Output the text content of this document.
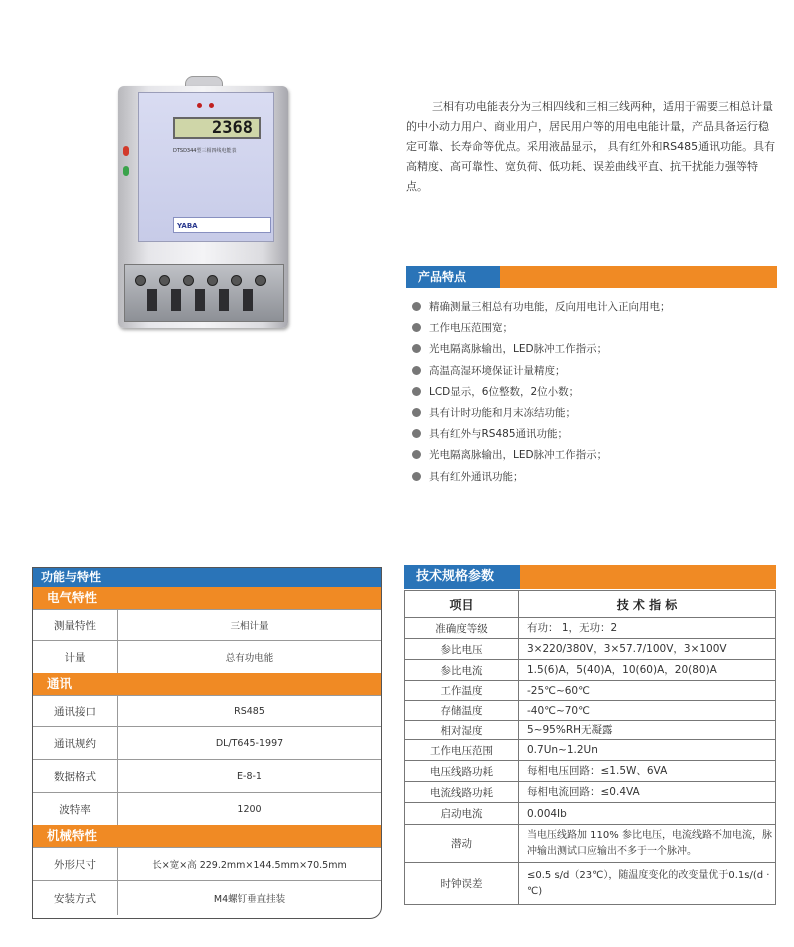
2368
DTSD344型三相四线电能表
YABA

三相有功电能表分为三相四线和三相三线两种，适用于需要三相总计量的中小动力用户、商业用户，居民用户等的用电电能计量，产品具备运行稳定可靠、长寿命等优点。采用液晶显示， 具有红外和RS485通讯功能。具有高精度、高可靠性、宽负荷、低功耗、误差曲线平直、抗干扰能力强等特点。

产品特点
精确测量三相总有功电能，反向用电计入正向用电；
工作电压范围宽；
光电隔离脉输出，LED脉冲工作指示；
高温高湿环境保证计量精度；
LCD显示，6位整数，2位小数；
具有计时功能和月末冻结功能；
具有红外与RS485通讯功能；
光电隔离脉输出，LED脉冲工作指示；
具有红外通讯功能；
功能与特性
电气特性
测量特性	三相计量
计量	总有功电能
通讯
通讯接口	RS485
通讯规约	DL/T645-1997
数据格式	E-8-1
波特率	1200
机械特性
外形尺寸	长×宽×高 229.2mm×144.5mm×70.5mm
安装方式	M4螺钉垂直挂装
技术规格参数
项目	技 术 指 标
准确度等级	有功： 1，无功：2
参比电压	3×220/380V，3×57.7/100V，3×100V
参比电流	1.5(6)A，5(40)A，10(60)A，20(80)A
工作温度	-25℃~60℃
存储温度	-40℃~70℃
相对湿度	5~95%RH无凝露
工作电压范围	0.7Un~1.2Un
电压线路功耗	每相电压回路：≤1.5W、6VA
电流线路功耗	每相电流回路：≤0.4VA
启动电流	0.004Ib
潜动	当电压线路加 110% 参比电压，电流线路不加电流，脉冲输出测试口应输出不多于一个脉冲。
时钟误差	≤0.5 s/d（23℃），随温度变化的改变量优于0.1s/(d · ℃)
